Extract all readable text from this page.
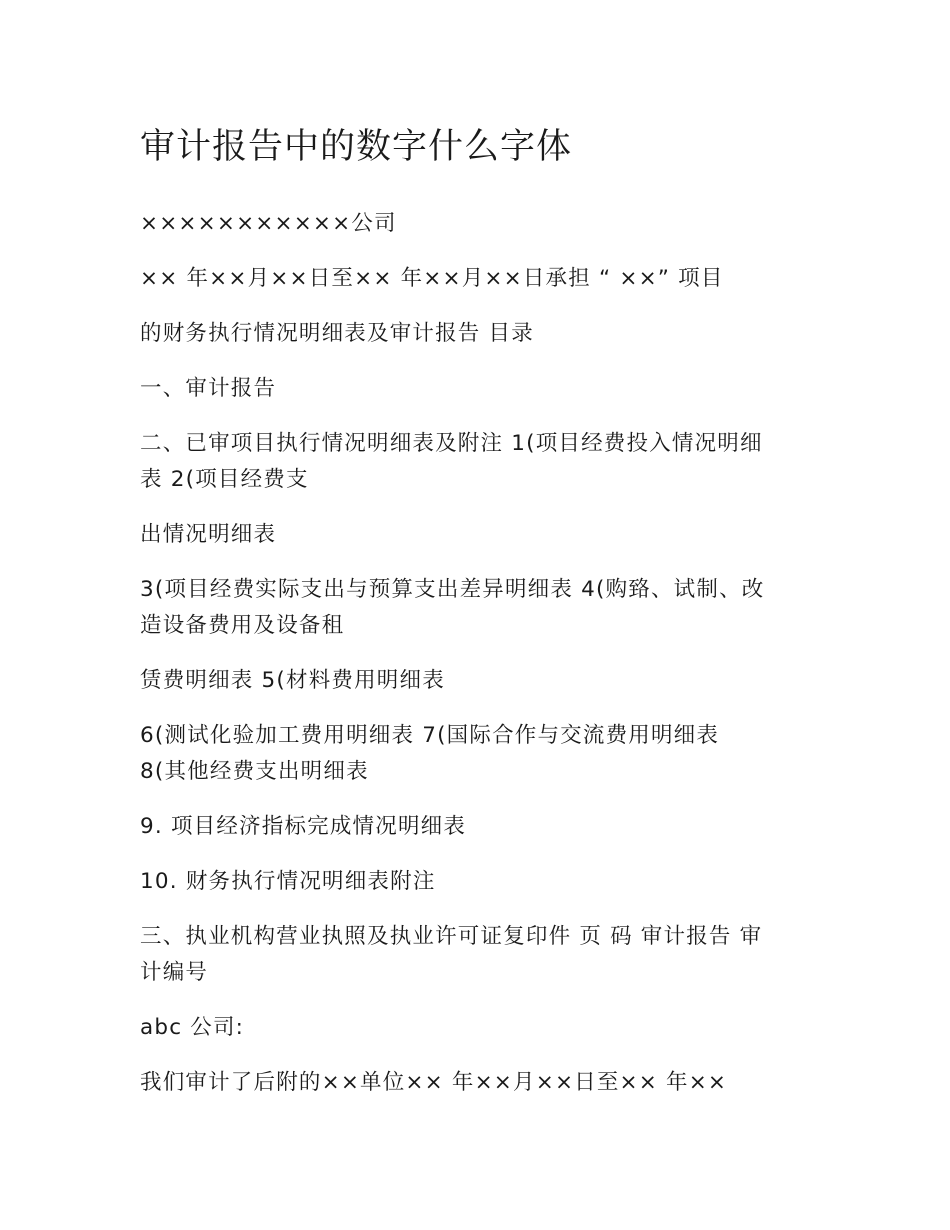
审计报告中的数字什么字体

×××××××××××公司

×× 年××月××日至×× 年××月××日承担 “ ××” 项目

的财务执行情况明细表及审计报告 目录

一、审计报告

二、已审项目执行情况明细表及附注 1(项目经费投入情况明细
表 2(项目经费支

出情况明细表

3(项目经费实际支出与预算支出差异明细表 4(购臵、试制、改
造设备费用及设备租

赁费明细表 5(材料费用明细表

6(测试化验加工费用明细表 7(国际合作与交流费用明细表
8(其他经费支出明细表

9. 项目经济指标完成情况明细表

10. 财务执行情况明细表附注

三、执业机构营业执照及执业许可证复印件 页 码 审计报告 审
计编号

abc 公司:

我们审计了后附的××单位×× 年××月××日至×× 年××
